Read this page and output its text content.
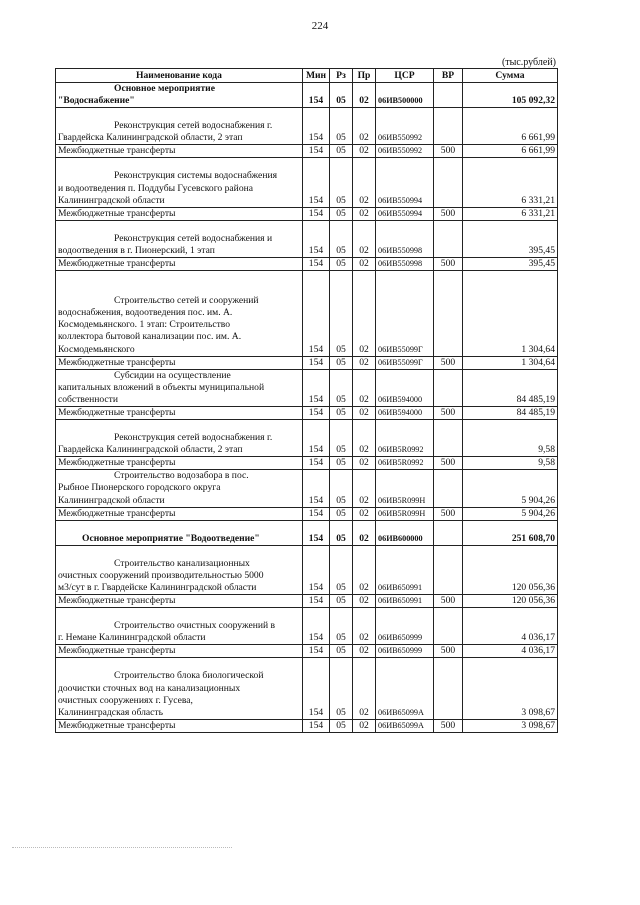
224
(тыс.рублей)
Наименование кода	Мин	Рз	Пр	ЦСР	ВР	Сумма

Основное мероприятие
"Водоснабжение"	154	05	02	06ИВ500000		105 092,32

Реконструкция сетей водоснабжения г.
Гвардейска Калининградской области, 2 этап	154	05	02	06ИВ550992		6 661,99
Межбюджетные трансферты	154	05	02	06ИВ550992	500	6 661,99

Реконструкция системы водоснабжения
и водоотведения п. Поддубы Гусевского района
Калининградской области	154	05	02	06ИВ550994		6 331,21
Межбюджетные трансферты	154	05	02	06ИВ550994	500	6 331,21

Реконструкция сетей водоснабжения и
водоотведения в г. Пионерский, 1 этап	154	05	02	06ИВ550998		395,45
Межбюджетные трансферты	154	05	02	06ИВ550998	500	395,45

Строительство сетей и сооружений
водоснабжения, водоотведения пос. им. А.
Космодемьянского. 1 этап: Строительство
коллектора бытовой канализации пос. им. А.
Космодемьянского	154	05	02	06ИВ55099Г		1 304,64
Межбюджетные трансферты	154	05	02	06ИВ55099Г	500	1 304,64

Субсидии на осуществление
капитальных вложений в объекты муниципальной
собственности	154	05	02	06ИВ594000		84 485,19
Межбюджетные трансферты	154	05	02	06ИВ594000	500	84 485,19

Реконструкция сетей водоснабжения г.
Гвардейска Калининградской области, 2 этап	154	05	02	06ИВ5R0992		9,58
Межбюджетные трансферты	154	05	02	06ИВ5R0992	500	9,58

Строительство водозабора в пос.
Рыбное Пионерского городского округа
Калининградской области	154	05	02	06ИВ5R099Н		5 904,26
Межбюджетные трансферты	154	05	02	06ИВ5R099Н	500	5 904,26

Основное мероприятие "Водоотведение"	154	05	02	06ИВ600000		251 608,70

Строительство канализационных
очистных сооружений производительностью 5000
м3/сут в г. Гвардейске Калининградской области	154	05	02	06ИВ650991		120 056,36
Межбюджетные трансферты	154	05	02	06ИВ650991	500	120 056,36

Строительство очистных сооружений в
г. Немане Калининградской области	154	05	02	06ИВ650999		4 036,17
Межбюджетные трансферты	154	05	02	06ИВ650999	500	4 036,17

Строительство блока биологической
доочистки сточных вод на канализационных
очистных сооружениях г. Гусева,
Калининградская область	154	05	02	06ИВ65099А		3 098,67
Межбюджетные трансферты	154	05	02	06ИВ65099А	500	3 098,67
